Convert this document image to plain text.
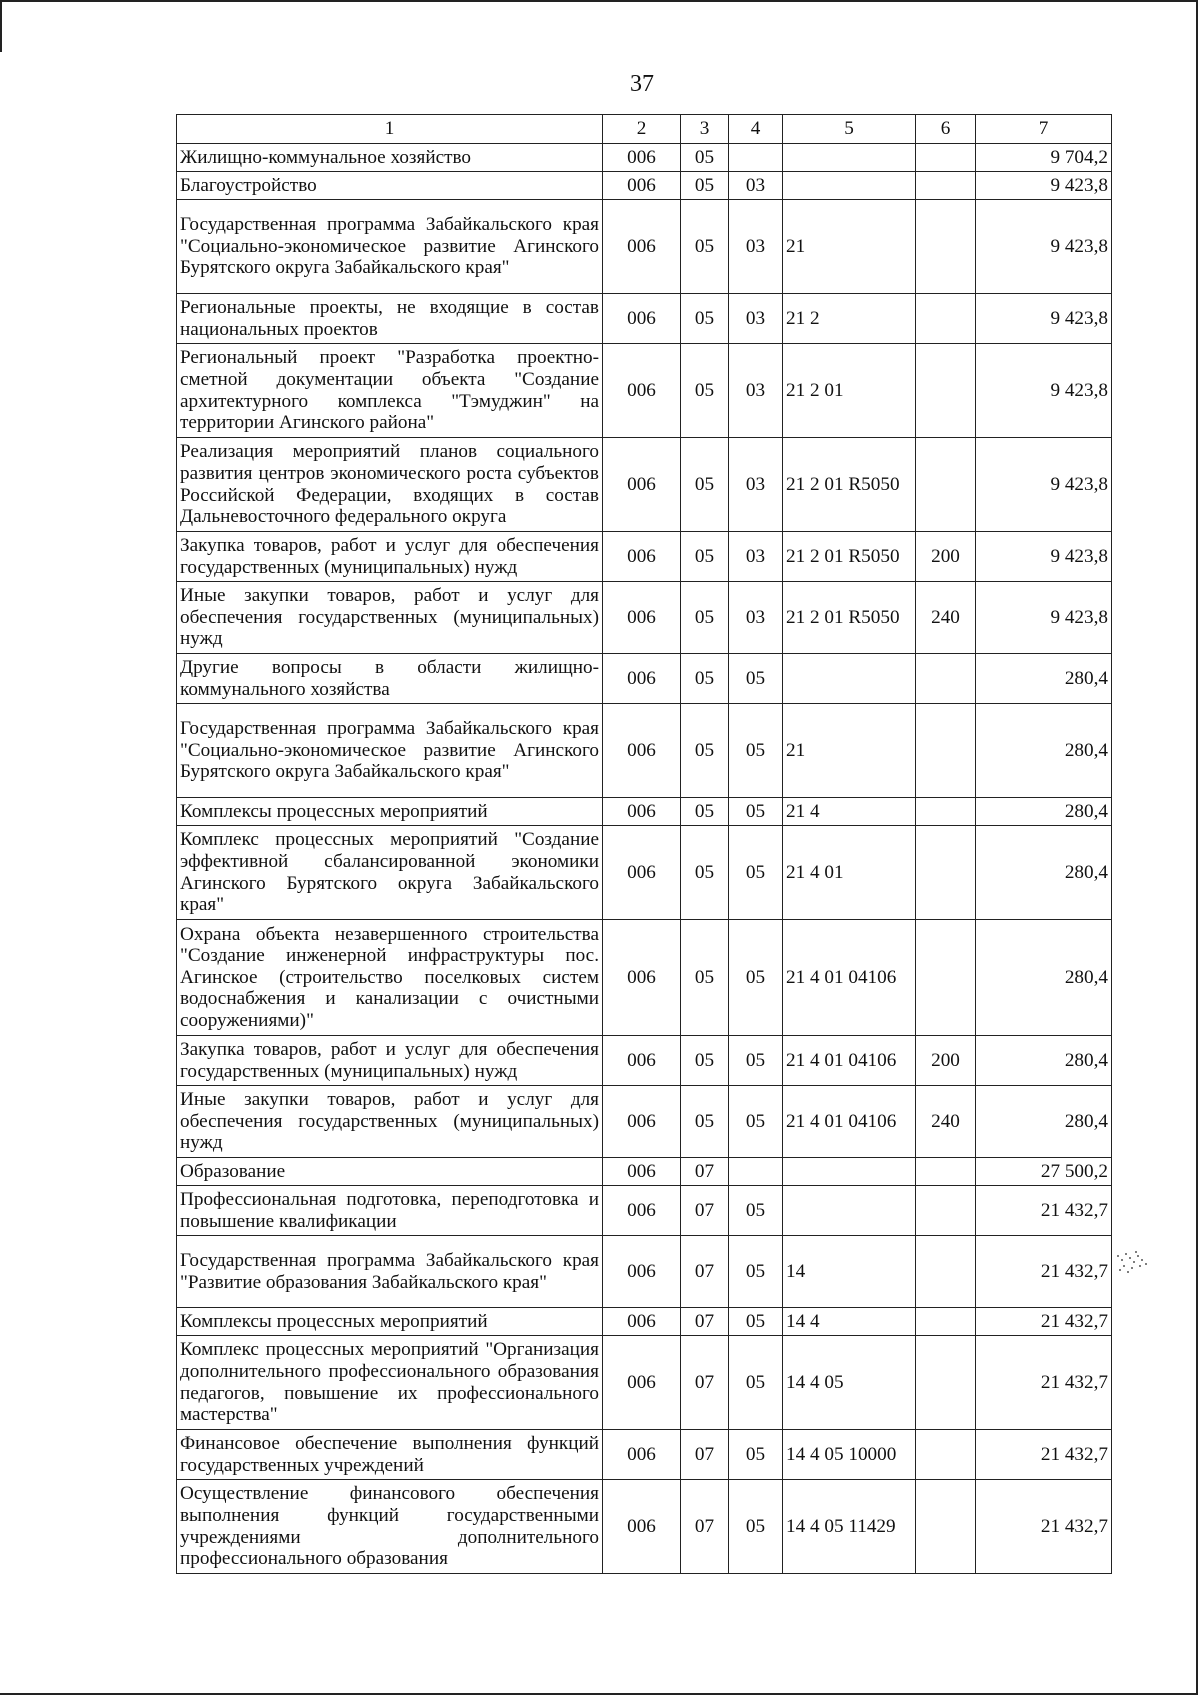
37
1	2	3	4	5	6	7
Жилищно-коммунальное хозяйство	006	05				9 704,2
Благоустройство	006	05	03			9 423,8
Государственная программа Забайкальского края "Социально-экономическое развитие Агинского Бурятского округа Забайкальского края"	006	05	03	21		9 423,8
Региональные проекты, не входящие в состав национальных проектов	006	05	03	21 2		9 423,8
Региональный проект "Разработка проектно-сметной документации объекта "Создание архитектурного комплекса "Тэмуджин" на территории Агинского района"	006	05	03	21 2 01		9 423,8
Реализация мероприятий планов социального развития центров экономического роста субъектов Российской Федерации, входящих в состав Дальневосточного федерального округа	006	05	03	21 2 01 R5050		9 423,8
Закупка товаров, работ и услуг для обеспечения государственных (муниципальных) нужд	006	05	03	21 2 01 R5050	200	9 423,8
Иные закупки товаров, работ и услуг для обеспечения государственных (муниципальных) нужд	006	05	03	21 2 01 R5050	240	9 423,8
Другие вопросы в области жилищно-коммунального хозяйства	006	05	05			280,4
Государственная программа Забайкальского края "Социально-экономическое развитие Агинского Бурятского округа Забайкальского края"	006	05	05	21		280,4
Комплексы процессных мероприятий	006	05	05	21 4		280,4
Комплекс процессных мероприятий "Создание эффективной сбалансированной экономики Агинского Бурятского округа Забайкальского края"	006	05	05	21 4 01		280,4
Охрана объекта незавершенного строительства "Создание инженерной инфраструктуры пос. Агинское (строительство поселковых систем водоснабжения и канализации с очистными сооружениями)"	006	05	05	21 4 01 04106		280,4
Закупка товаров, работ и услуг для обеспечения государственных (муниципальных) нужд	006	05	05	21 4 01 04106	200	280,4
Иные закупки товаров, работ и услуг для обеспечения государственных (муниципальных) нужд	006	05	05	21 4 01 04106	240	280,4
Образование	006	07				27 500,2
Профессиональная подготовка, переподготовка и повышение квалификации	006	07	05			21 432,7
Государственная программа Забайкальского края "Развитие образования Забайкальского края"	006	07	05	14		21 432,7
Комплексы процессных мероприятий	006	07	05	14 4		21 432,7
Комплекс процессных мероприятий "Организация дополнительного профессионального образования педагогов, повышение их профессионального мастерства"	006	07	05	14 4 05		21 432,7
Финансовое обеспечение выполнения функций государственных учреждений	006	07	05	14 4 05 10000		21 432,7
Осуществление финансового обеспечения выполнения функций государственными учреждениями дополнительного профессионального образования	006	07	05	14 4 05 11429		21 432,7
